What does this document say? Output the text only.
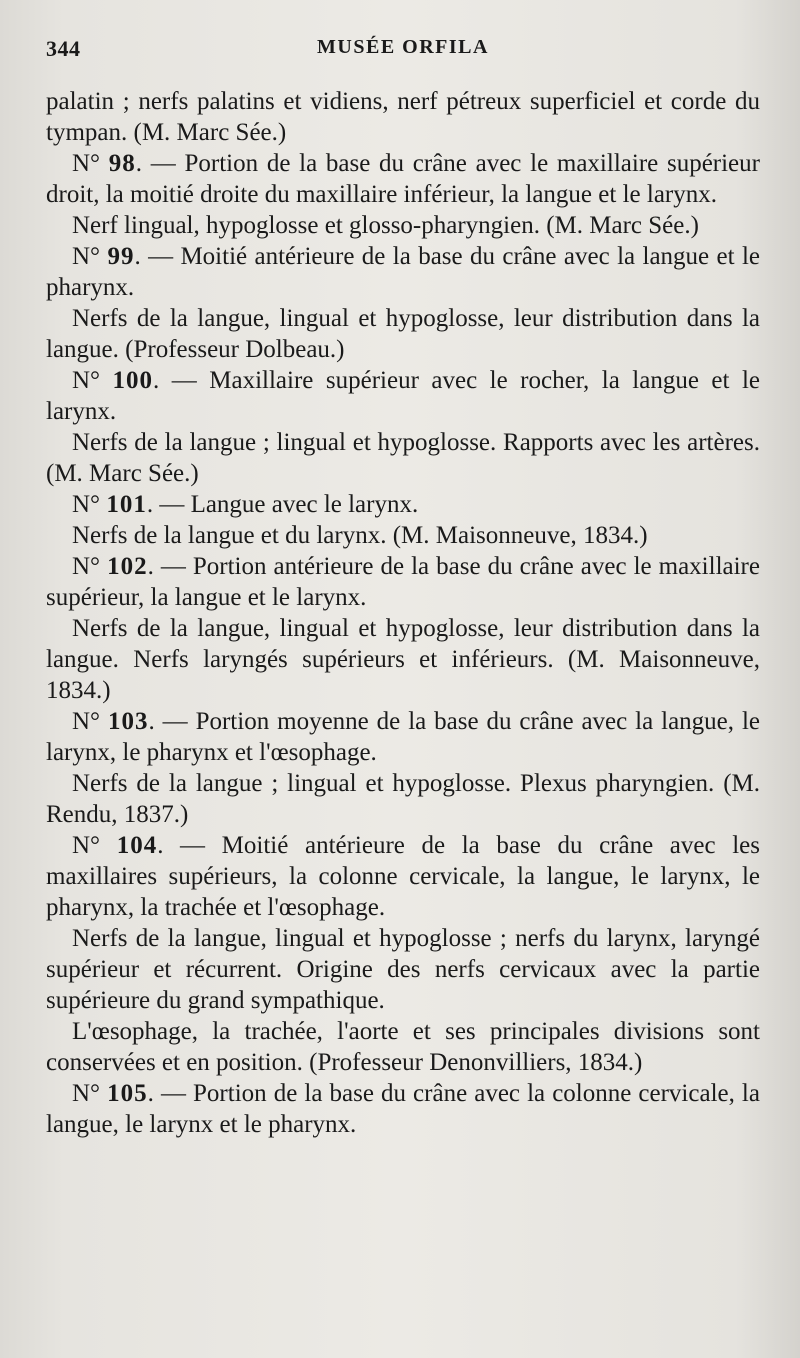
344	MUSÉE ORFILA

palatin ; nerfs palatins et vidiens, nerf pétreux superficiel et corde du tympan. (M. Marc Sée.)

N° 98. — Portion de la base du crâne avec le maxillaire supérieur droit, la moitié droite du maxillaire inférieur, la langue et le larynx.

Nerf lingual, hypoglosse et glosso-pharyngien. (M. Marc Sée.)

N° 99. — Moitié antérieure de la base du crâne avec la langue et le pharynx.

Nerfs de la langue, lingual et hypoglosse, leur distribution dans la langue. (Professeur Dolbeau.)

N° 100. — Maxillaire supérieur avec le rocher, la langue et le larynx.

Nerfs de la langue ; lingual et hypoglosse. Rapports avec les artères. (M. Marc Sée.)

N° 101. — Langue avec le larynx.

Nerfs de la langue et du larynx. (M. Maisonneuve, 1834.)

N° 102. — Portion antérieure de la base du crâne avec le maxillaire supérieur, la langue et le larynx.

Nerfs de la langue, lingual et hypoglosse, leur distribution dans la langue. Nerfs laryngés supérieurs et inférieurs. (M. Maisonneuve, 1834.)

N° 103. — Portion moyenne de la base du crâne avec la langue, le larynx, le pharynx et l'œsophage.

Nerfs de la langue ; lingual et hypoglosse. Plexus pharyngien. (M. Rendu, 1837.)

N° 104. — Moitié antérieure de la base du crâne avec les maxillaires supérieurs, la colonne cervicale, la langue, le larynx, le pharynx, la trachée et l'œsophage.

Nerfs de la langue, lingual et hypoglosse ; nerfs du larynx, laryngé supérieur et récurrent. Origine des nerfs cervicaux avec la partie supérieure du grand sympathique.

L'œsophage, la trachée, l'aorte et ses principales divisions sont conservées et en position. (Professeur Denonvilliers, 1834.)

N° 105. — Portion de la base du crâne avec la colonne cervicale, la langue, le larynx et le pharynx.
